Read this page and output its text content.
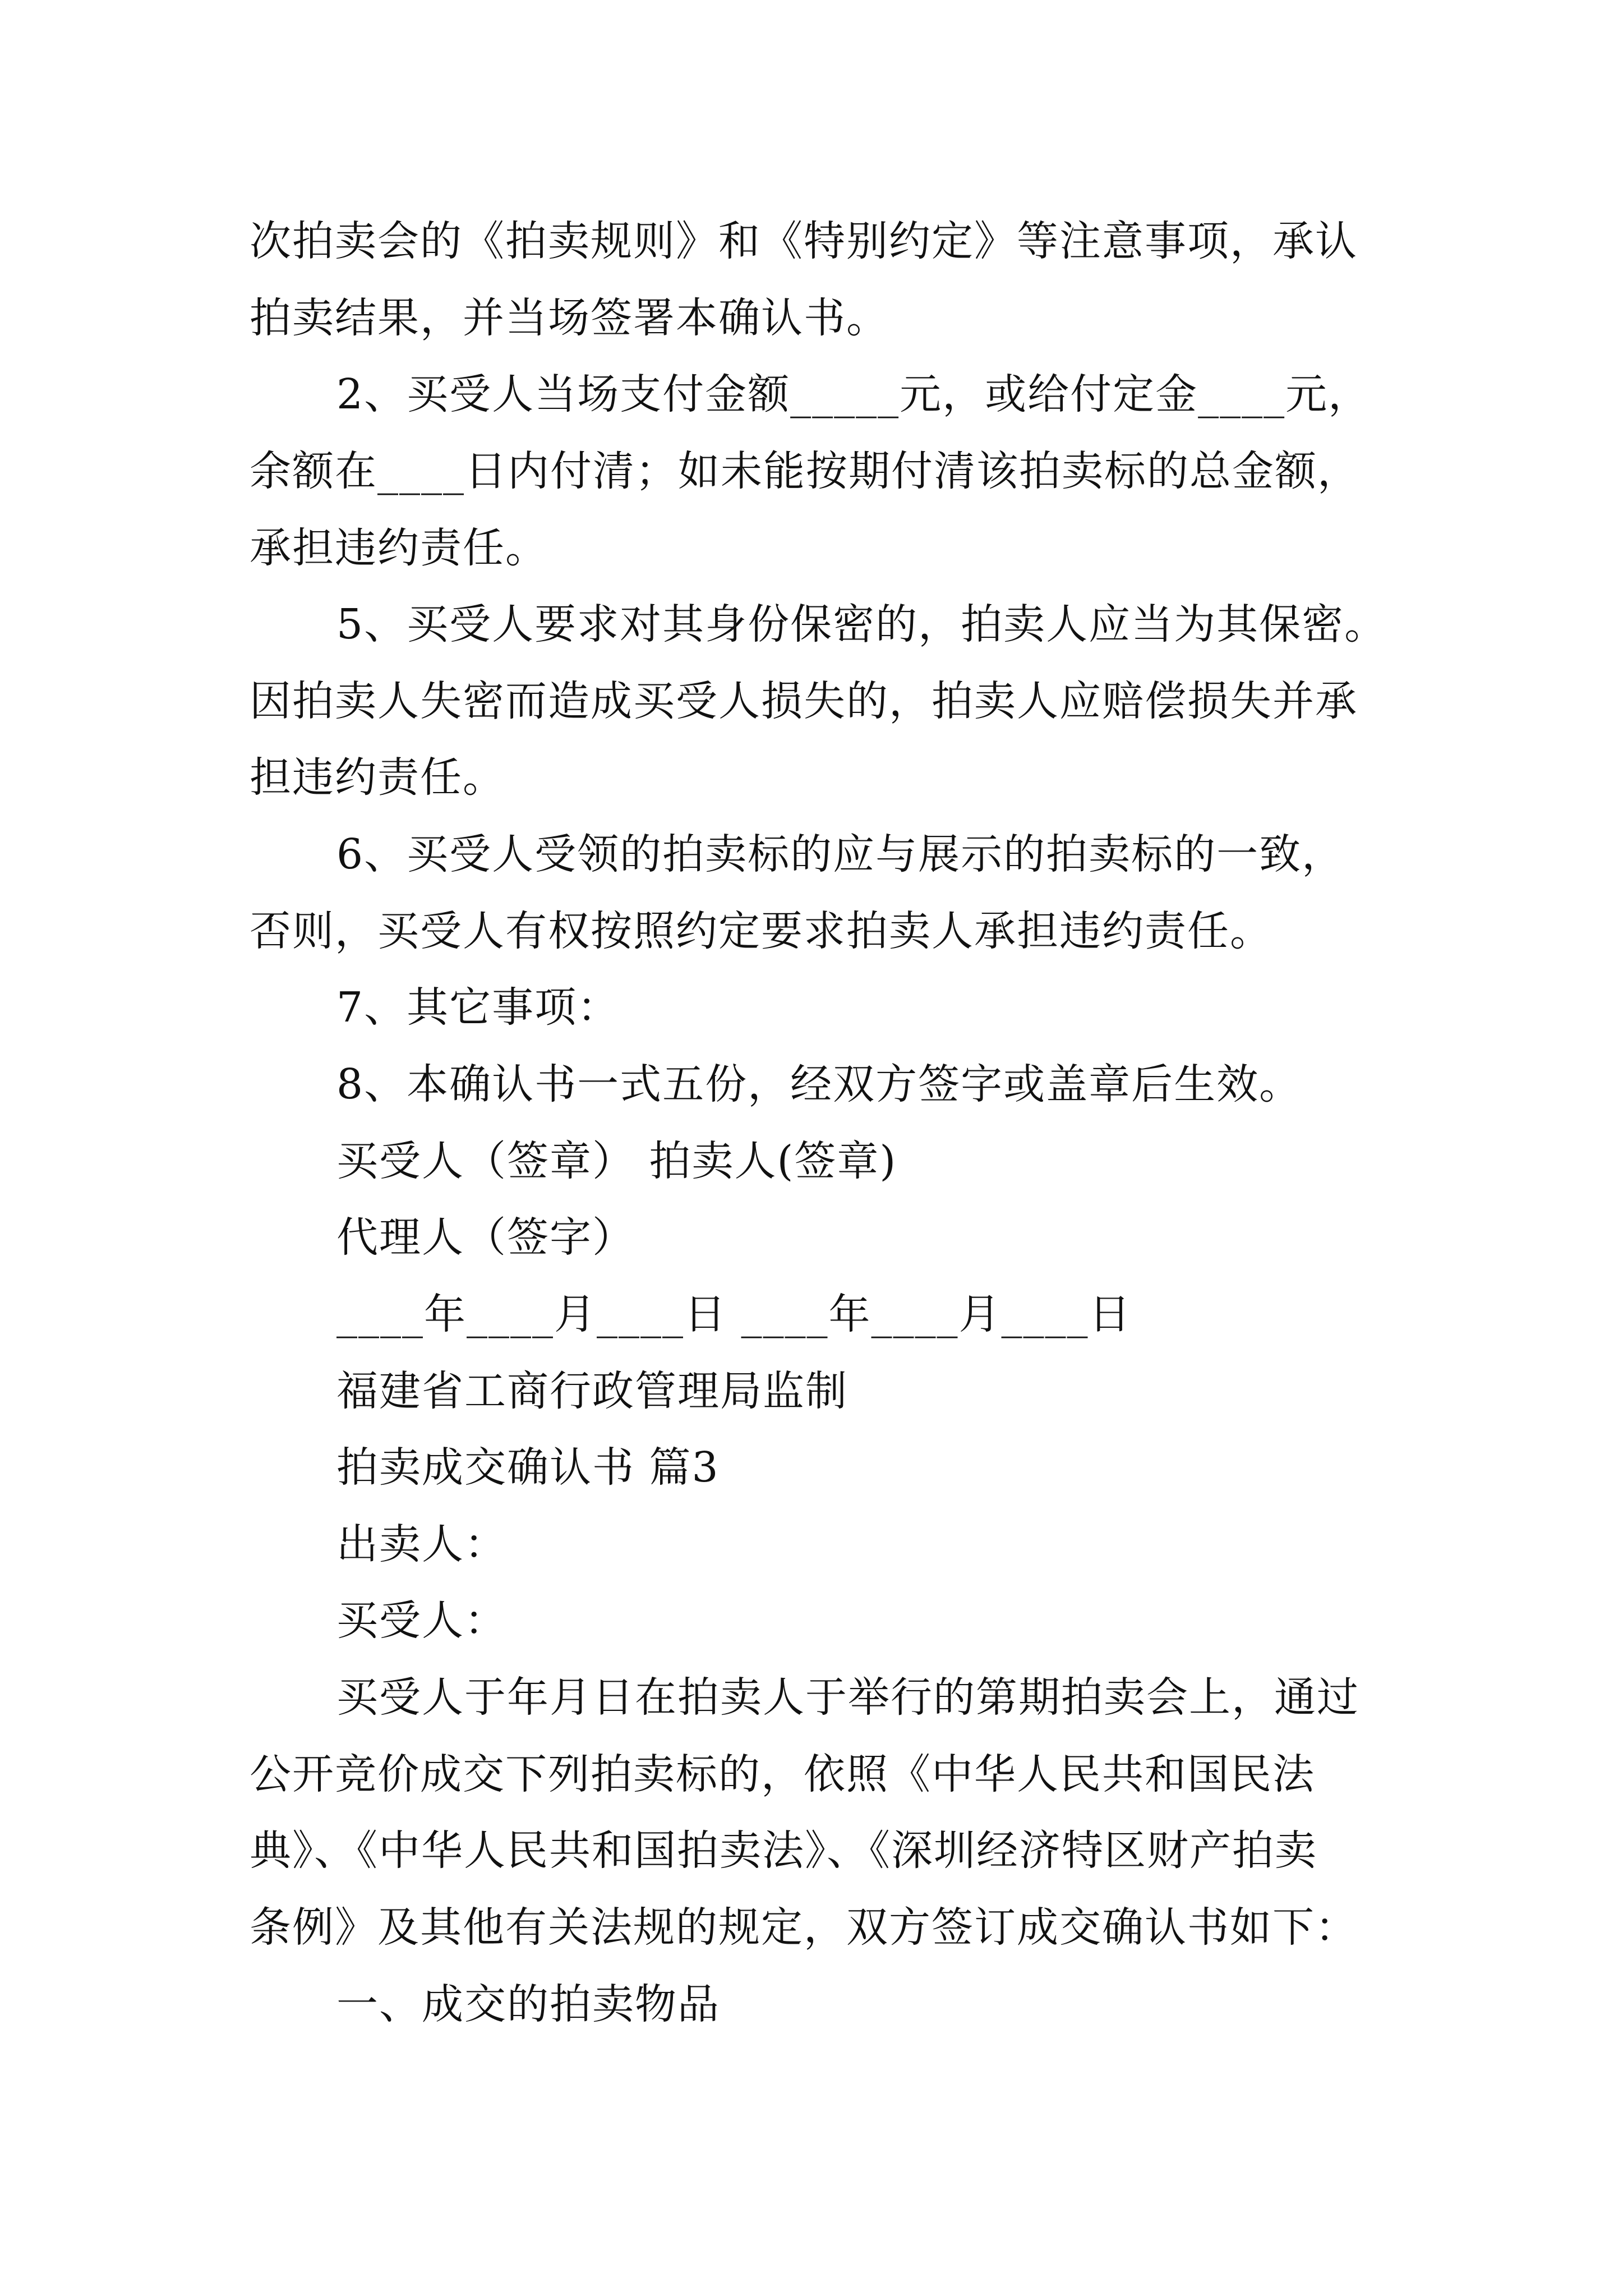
次拍卖会的《拍卖规则》和《特别约定》等注意事项，承认
拍卖结果，并当场签署本确认书。
2、买受人当场支付金额_____元，或给付定金____元，
余额在____日内付清；如未能按期付清该拍卖标的总金额，
承担违约责任。
5、买受人要求对其身份保密的，拍卖人应当为其保密。
因拍卖人失密而造成买受人损失的，拍卖人应赔偿损失并承
担违约责任。
6、买受人受领的拍卖标的应与展示的拍卖标的一致，
否则，买受人有权按照约定要求拍卖人承担违约责任。
7、其它事项：
8、本确认书一式五份，经双方签字或盖章后生效。
买受人（签章） 拍卖人(签章)
代理人（签字）
____年____月____日 ____年____月____日
福建省工商行政管理局监制
拍卖成交确认书 篇3
出卖人：
买受人：
买受人于年月日在拍卖人于举行的第期拍卖会上，通过
公开竞价成交下列拍卖标的，依照《中华人民共和国民法
典》、《中华人民共和国拍卖法》、《深圳经济特区财产拍卖
条例》及其他有关法规的规定，双方签订成交确认书如下：
一、成交的拍卖物品
